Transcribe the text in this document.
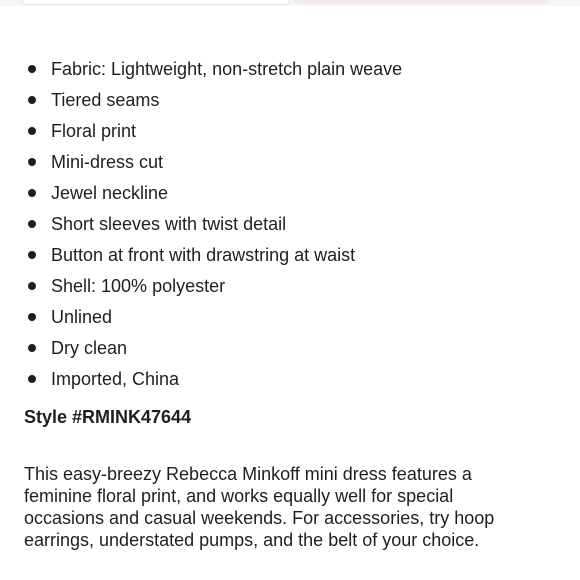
Fabric: Lightweight, non-stretch plain weave
Tiered seams
Floral print
Mini-dress cut
Jewel neckline
Short sleeves with twist detail
Button at front with drawstring at waist
Shell: 100% polyester
Unlined
Dry clean
Imported, China
Style #RMINK47644

This easy-breezy Rebecca Minkoff mini dress features a
feminine floral print, and works equally well for special
occasions and casual weekends. For accessories, try hoop
earrings, understated pumps, and the belt of your choice.
